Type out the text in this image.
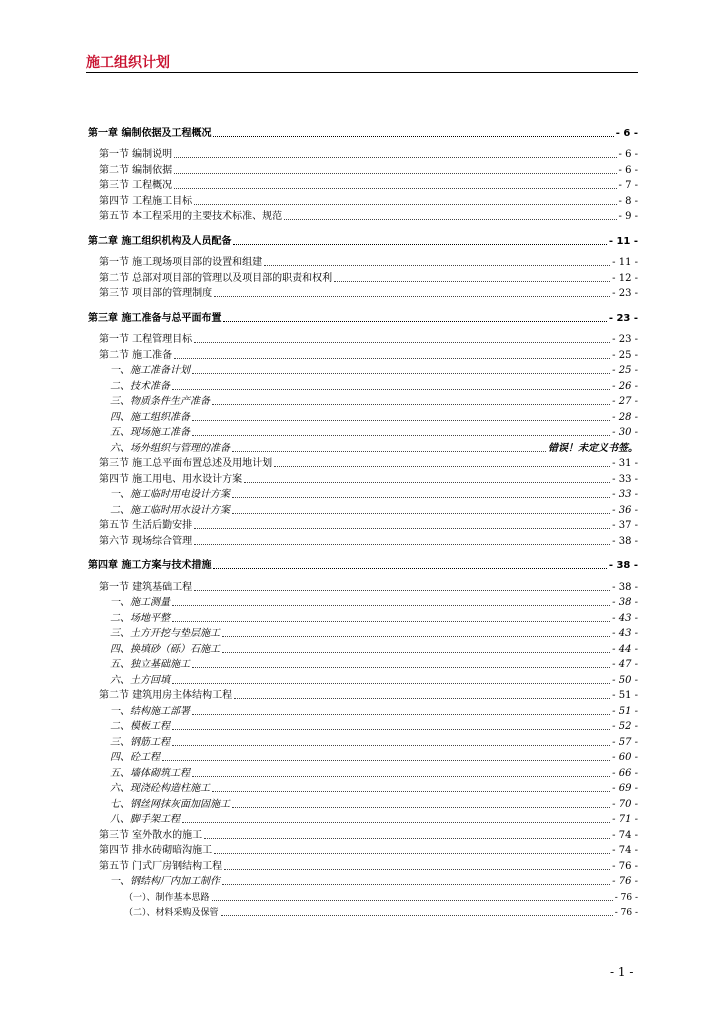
施工组织计划
第一章 编制依据及工程概况	- 6 -
第一节 编制说明	- 6 -
第二节 编制依据	- 6 -
第三节 工程概况	- 7 -
第四节 工程施工目标	- 8 -
第五节 本工程采用的主要技术标准、规范	- 9 -
第二章 施工组织机构及人员配备	- 11 -
第一节 施工现场项目部的设置和组建	- 11 -
第二节 总部对项目部的管理以及项目部的职责和权利	- 12 -
第三节 项目部的管理制度	- 23 -
第三章 施工准备与总平面布置	- 23 -
第一节 工程管理目标	- 23 -
第二节 施工准备	- 25 -
一、施工准备计划	- 25 -
二、技术准备	- 26 -
三、物质条件生产准备	- 27 -
四、施工组织准备	- 28 -
五、现场施工准备	- 30 -
六、场外组织与管理的准备	错误！未定义书签。
第三节 施工总平面布置总述及用地计划	- 31 -
第四节 施工用电、用水设计方案	- 33 -
一、施工临时用电设计方案	- 33 -
二、施工临时用水设计方案	- 36 -
第五节 生活后勤安排	- 37 -
第六节 现场综合管理	- 38 -
第四章 施工方案与技术措施	- 38 -
第一节 建筑基础工程	- 38 -
一、施工测量	- 38 -
二、场地平整	- 43 -
三、土方开挖与垫层施工	- 43 -
四、换填砂（砾）石施工	- 44 -
五、独立基础施工	- 47 -
六、土方回填	- 50 -
第二节 建筑用房主体结构工程	- 51 -
一、结构施工部署	- 51 -
二、模板工程	- 52 -
三、钢筋工程	- 57 -
四、砼工程	- 60 -
五、墙体砌筑工程	- 66 -
六、现浇砼构造柱施工	- 69 -
七、钢丝网抹灰面加固施工	- 70 -
八、脚手架工程	- 71 -
第三节 室外散水的施工	- 74 -
第四节 排水砖砌暗沟施工	- 74 -
第五节 门式厂房钢结构工程	- 76 -
一、钢结构厂内加工制作	- 76 -
（一）、制作基本思路	- 76 -
（二）、材料采购及保管	- 76 -
- 1 -
